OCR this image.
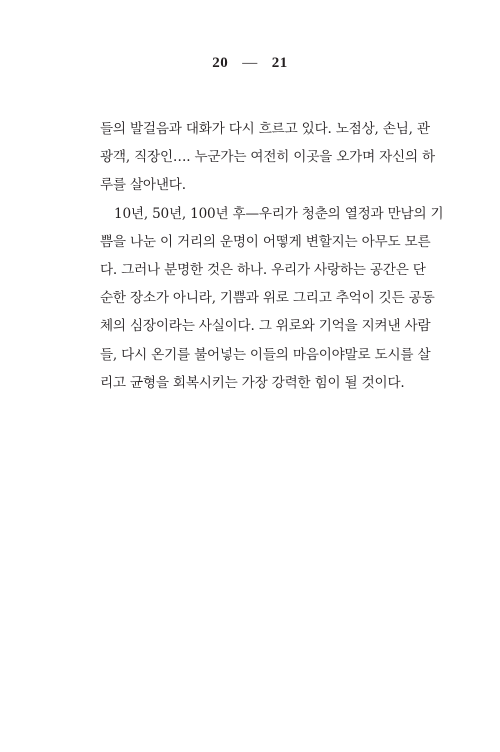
20 — 21
들의 발걸음과 대화가 다시 흐르고 있다. 노점상, 손님, 관
광객, 직장인…. 누군가는 여전히 이곳을 오가며 자신의 하
루를 살아낸다.
10년, 50년, 100년 후—우리가 청춘의 열정과 만남의 기
쁨을 나눈 이 거리의 운명이 어떻게 변할지는 아무도 모른
다. 그러나 분명한 것은 하나. 우리가 사랑하는 공간은 단
순한 장소가 아니라, 기쁨과 위로 그리고 추억이 깃든 공동
체의 심장이라는 사실이다. 그 위로와 기억을 지켜낸 사람
들, 다시 온기를 불어넣는 이들의 마음이야말로 도시를 살
리고 균형을 회복시키는 가장 강력한 힘이 될 것이다.
